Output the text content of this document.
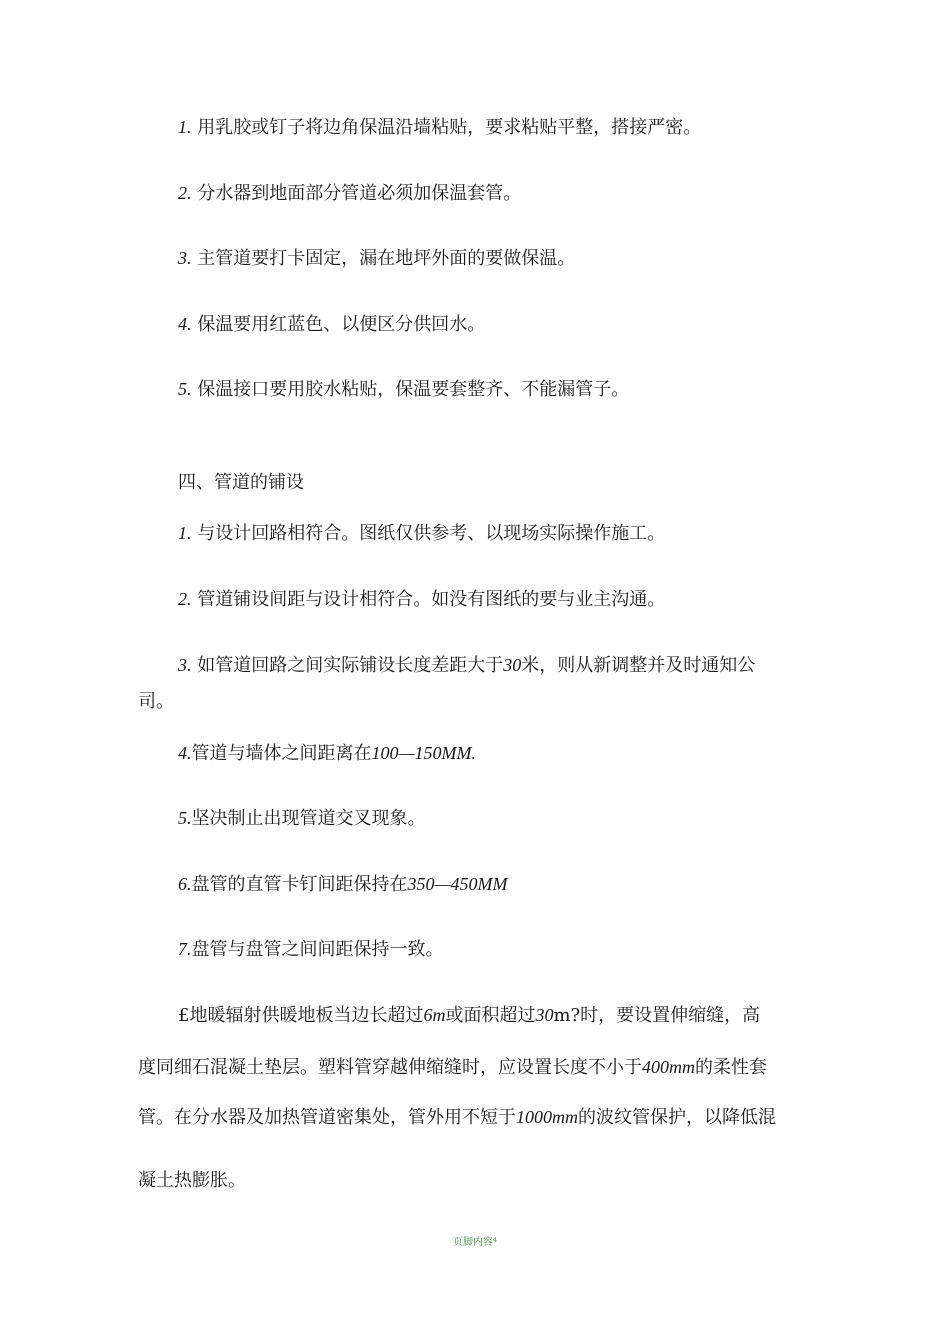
1. 用乳胶或钉子将边角保温沿墙粘贴，要求粘贴平整，搭接严密。
2. 分水器到地面部分管道必须加保温套管。
3. 主管道要打卡固定，漏在地坪外面的要做保温。
4. 保温要用红蓝色、以便区分供回水。
5. 保温接口要用胶水粘贴，保温要套整齐、不能漏管子。
四、管道的铺设
1. 与设计回路相符合。图纸仅供参考、以现场实际操作施工。
2. 管道铺设间距与设计相符合。如没有图纸的要与业主沟通。
3. 如管道回路之间实际铺设长度差距大于30米，则从新调整并及时通知公
司。
4.管道与墙体之间距离在100—150MM.
5.坚决制止出现管道交叉现象。
6.盘管的直管卡钉间距保持在350—450MM
7.盘管与盘管之间间距保持一致。
£地暖辐射供暖地板当边长超过6m或面积超过30m?时，要设置伸缩缝，高
度同细石混凝土垫层。塑料管穿越伸缩缝时，应设置长度不小于400mm的柔性套
管。在分水器及加热管道密集处，管外用不短于1000mm的波纹管保护，以降低混
凝土热膨胀。
页脚内容⁴
